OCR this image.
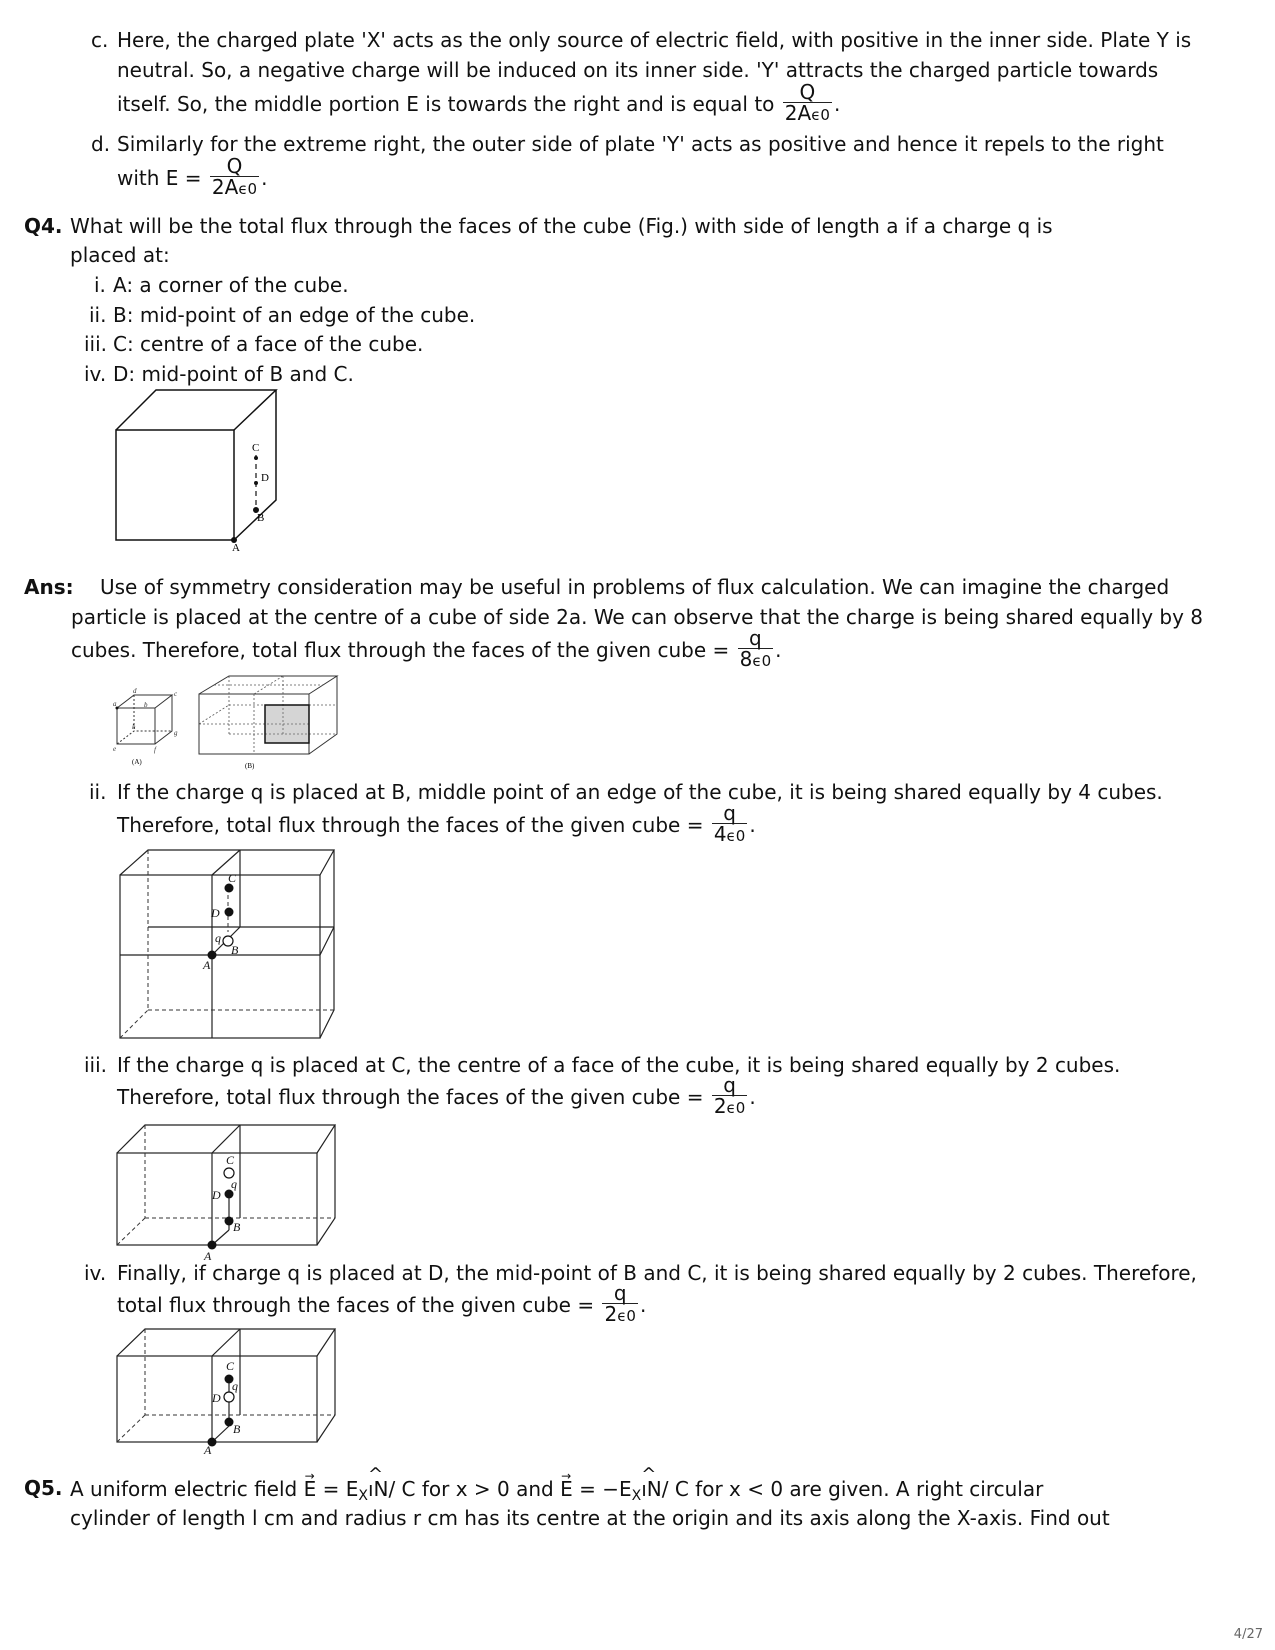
c. Here, the charged plate 'X' acts as the only source of electric field, with positive in the inner side. Plate Y is
neutral. So, a negative charge will be induced on its inner side. 'Y' attracts the charged particle towards
itself. So, the middle portion E is towards the right and is equal to $\frac{Q}{2A\epsilon 0}$ .
d. Similarly for the extreme right, the outer side of plate 'Y' acts as positive and hence it repels to the right
with $E = \frac{Q}{2A\epsilon 0}$ .
Q4. What will be the total flux through the faces of the cube (Fig.) with side of length a if a charge q is
placed at:
i. A: a corner of the cube.
ii. B: mid-point of an edge of the cube.
iii. C: centre of a face of the cube.
iv. D: mid-point of B and C.
C
D
B
A
Ans: Use of symmetry consideration may be useful in problems of flux calculation. We can imagine the charged
particle is placed at the centre of a cube of side 2a. We can observe that the charge is being shared equally by 8
cubes. Therefore, total flux through the faces of the given cube = $\frac{q}{8\epsilon 0}$ .
a	b
c
d
e	f
g
h
(A)	(B)
ii. If the charge q is placed at B, middle point of an edge of the cube, it is being shared equally by 4 cubes.
Therefore, total flux through the faces of the given cube = $\frac{q}{4\epsilon 0}$ .
C
D
q
B
A
iii. If the charge q is placed at C, the centre of a face of the cube, it is being shared equally by 2 cubes.
Therefore, total flux through the faces of the given cube = $\frac{q}{2\epsilon 0}$ .
C
q
D
B
A
iv. Finally, if charge q is placed at D, the mid-point of B and C, it is being shared equally by 2 cubes. Therefore,
total flux through the faces of the given cube = $\frac{q}{2\epsilon 0}$ .
C
q
D
B
A
Q5. A uniform electric field → $E = E_X\^{}$ ıN/ C for x > 0 and → $E = -E_X\^{}$ ıN/ C for x < 0 are given. A right circular
cylinder of length l cm and radius r cm has its centre at the origin and its axis along the X-axis. Find out
4/27
